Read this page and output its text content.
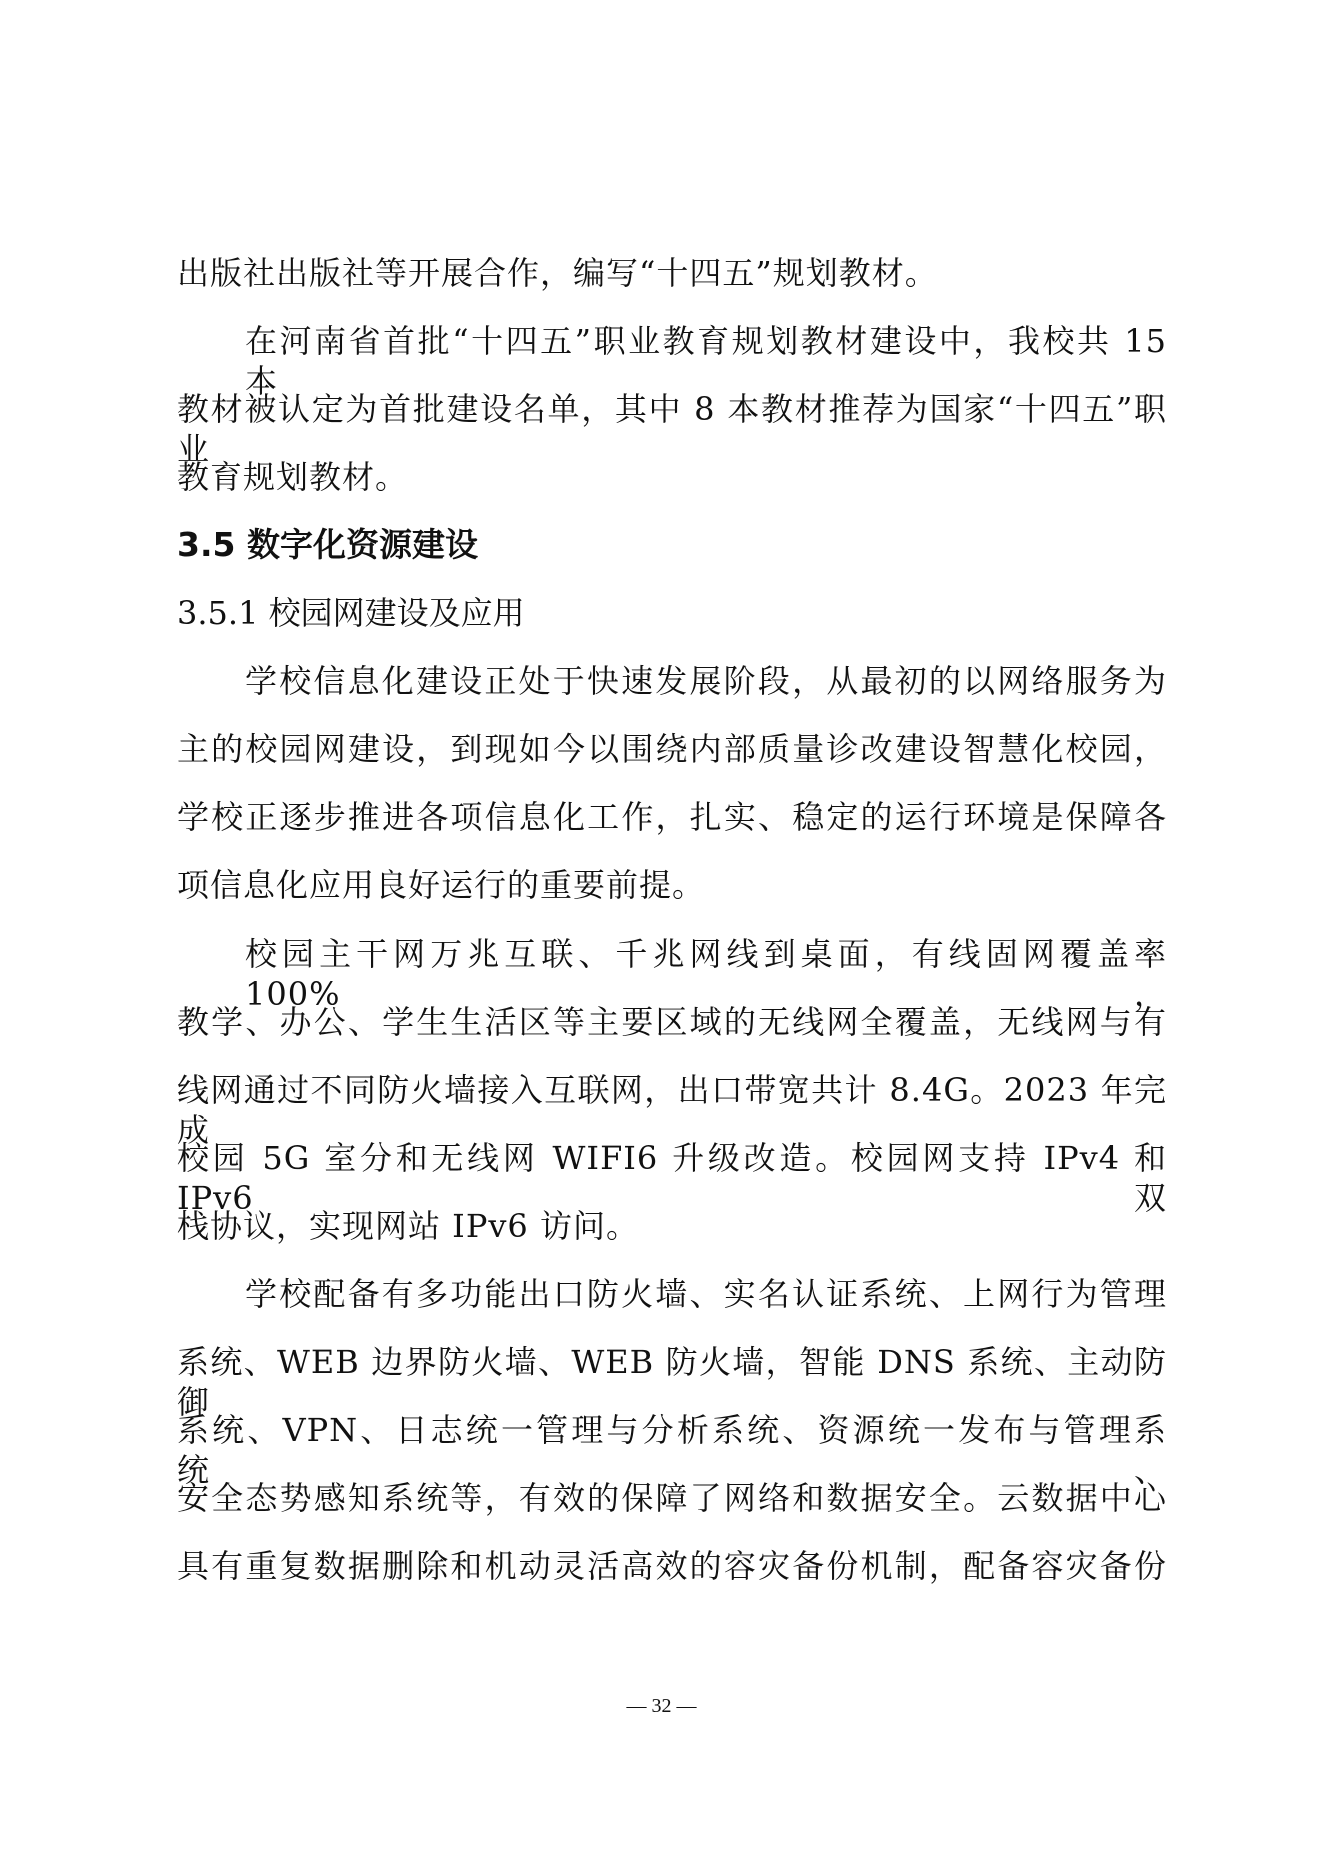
出版社出版社等开展合作，编写“十四五”规划教材。
在河南省首批“十四五”职业教育规划教材建设中，我校共 15 本
教材被认定为首批建设名单，其中 8 本教材推荐为国家“十四五”职业
教育规划教材。
3.5 数字化资源建设
3.5.1 校园网建设及应用
学校信息化建设正处于快速发展阶段，从最初的以网络服务为
主的校园网建设，到现如今以围绕内部质量诊改建设智慧化校园，
学校正逐步推进各项信息化工作，扎实、稳定的运行环境是保障各
项信息化应用良好运行的重要前提。
校园主干网万兆互联、千兆网线到桌面，有线固网覆盖率 100%，
教学、办公、学生生活区等主要区域的无线网全覆盖，无线网与有
线网通过不同防火墙接入互联网，出口带宽共计 8.4G。2023 年完成
校园 5G 室分和无线网 WIFI6 升级改造。校园网支持 IPv4 和 IPv6 双
栈协议，实现网站 IPv6 访问。
学校配备有多功能出口防火墙、实名认证系统、上网行为管理
系统、WEB 边界防火墙、WEB 防火墙，智能 DNS 系统、主动防御
系统、VPN、日志统一管理与分析系统、资源统一发布与管理系统、
安全态势感知系统等，有效的保障了网络和数据安全。云数据中心
具有重复数据删除和机动灵活高效的容灾备份机制，配备容灾备份
— 32 —
